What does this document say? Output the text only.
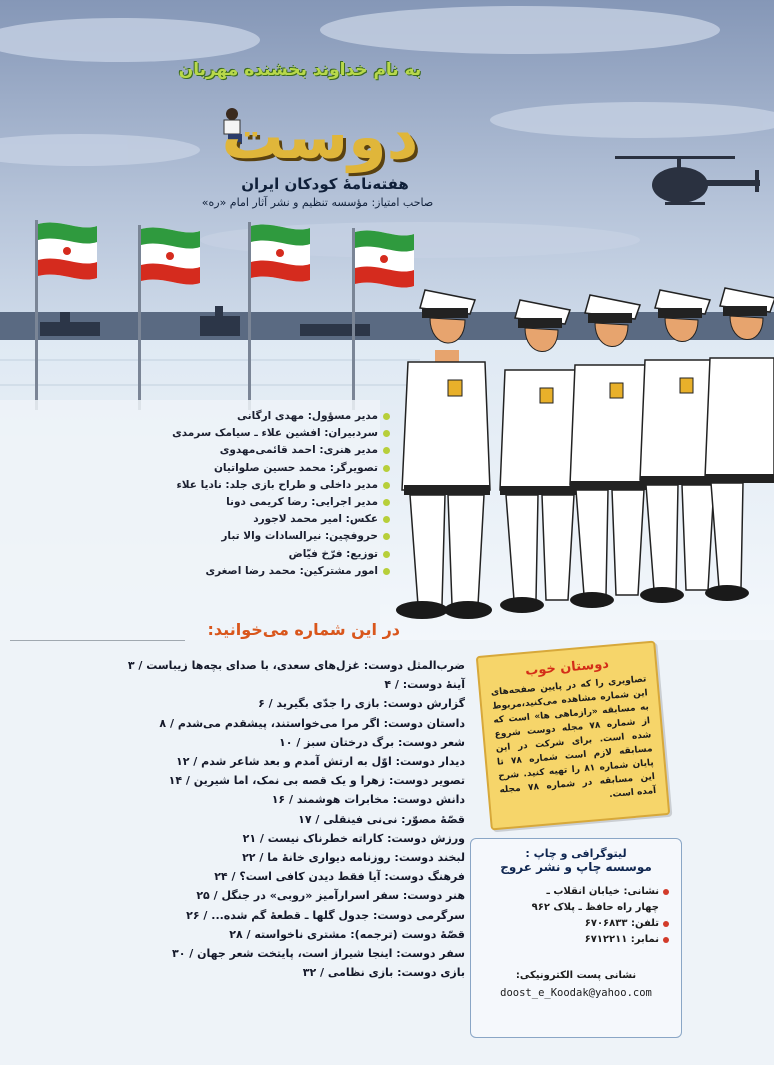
به نام خداوند بخشنده مهربان
دوست
هفته‌نامهٔ کودکان ایران
صاحب امتیاز: مؤسسه تنظیم و نشر آثار امام «ره»
مدیر مسؤول: مهدی ارگانی
سردبیران: افشین علاء ـ سیامک سرمدی
مدیر هنری: احمد قائمی‌مهدوی
تصویرگر: محمد حسین صلواتیان
مدیر داخلی و طراح بازی جلد: نادیا علاء
مدیر اجرایی: رضا کریمی دونا
عکس: امیر محمد لاجورد
حروفچین: نیرالسادات والا تبار
توزیع: فرّخ فیّاض
امور مشترکین: محمد رضا اصغری
در این شماره می‌خوانید:
ضرب‌المثل دوست: غزل‌های سعدی، با صدای بچه‌ها زیباست / ۳
آینهٔ دوست: / ۴
گزارش دوست: بازی را جدّی بگیرید / ۶
داستان دوست: اگر مرا می‌خواستند، پیشقدم می‌شدم / ۸
شعر دوست: برگ درختان سبز / ۱۰
دیدار دوست: اوّل به ارتش آمدم و بعد شاعر شدم / ۱۲
تصویر دوست: زهرا و یک قصه بی نمک، اما شیرین / ۱۴
دانش دوست: مخابرات هوشمند / ۱۶
قصّهٔ مصوّر: نی‌نی فینقلی / ۱۷
ورزش دوست: کاراته خطرناک نیست / ۲۱
لبخند دوست: روزنامه دیواری خانهٔ ما / ۲۲
فرهنگ دوست: آیا فقط دیدن کافی است؟ / ۲۴
هنر دوست: سفر اسرارآمیز «روبی» در جنگل / ۲۵
سرگرمی دوست: جدول گلها ـ قطعهٔ گم شده... / ۲۶
قصّهٔ دوست (ترجمه): مشتری ناخواسته / ۲۸
سفر دوست: اینجا شیراز است، پایتخت شعر جهان / ۳۰
بازی دوست: بازی نظامی / ۳۲
دوستان خوب

تصاویری را که در پایین صفحه‌های این شماره مشاهده می‌کنید،مربوط به مسابقه «رازماهی ها» است که از شماره ۷۸ مجله دوست شروع شده است. برای شرکت در این مسابقه لازم است شماره ۷۸ تا پایان شماره ۸۱ را تهیه کنید. شرح این مسابقه در شماره ۷۸ مجله آمده است.

لیتوگرافی و چاپ :
موسسه چاپ و نشر عروج
نشانی: خیابان انقلاب ـ
چهار راه حافظ ـ پلاک ۹۶۲
تلفن: ۶۷۰۶۸۳۳
نمابر: ۶۷۱۲۲۱۱
نشانی پست الکترونیکی:
doost_e_Koodak@yahoo.com
